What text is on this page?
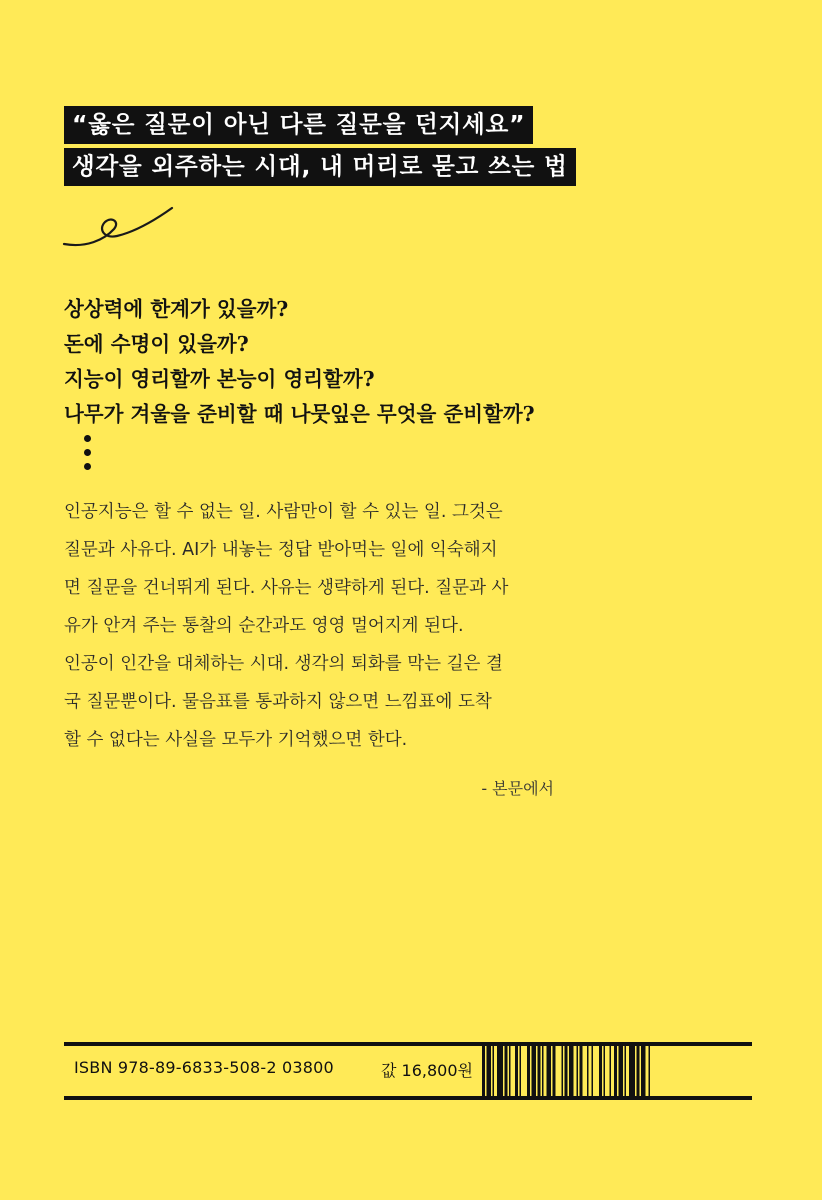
“옳은 질문이 아닌 다른 질문을 던지세요”
생각을 외주하는 시대, 내 머리로 묻고 쓰는 법
상상력에 한계가 있을까?
돈에 수명이 있을까?
지능이 영리할까 본능이 영리할까?
나무가 겨울을 준비할 때 나뭇잎은 무엇을 준비할까?
인공지능은 할 수 없는 일. 사람만이 할 수 있는 일. 그것은
질문과 사유다. AI가 내놓는 정답 받아먹는 일에 익숙해지
면 질문을 건너뛰게 된다. 사유는 생략하게 된다. 질문과 사
유가 안겨 주는 통찰의 순간과도 영영 멀어지게 된다.
인공이 인간을 대체하는 시대. 생각의 퇴화를 막는 길은 결
국 질문뿐이다. 물음표를 통과하지 않으면 느낌표에 도착
할 수 없다는 사실을 모두가 기억했으면 한다.
- 본문에서
ISBN 978-89-6833-508-2 03800	값 16,800원
